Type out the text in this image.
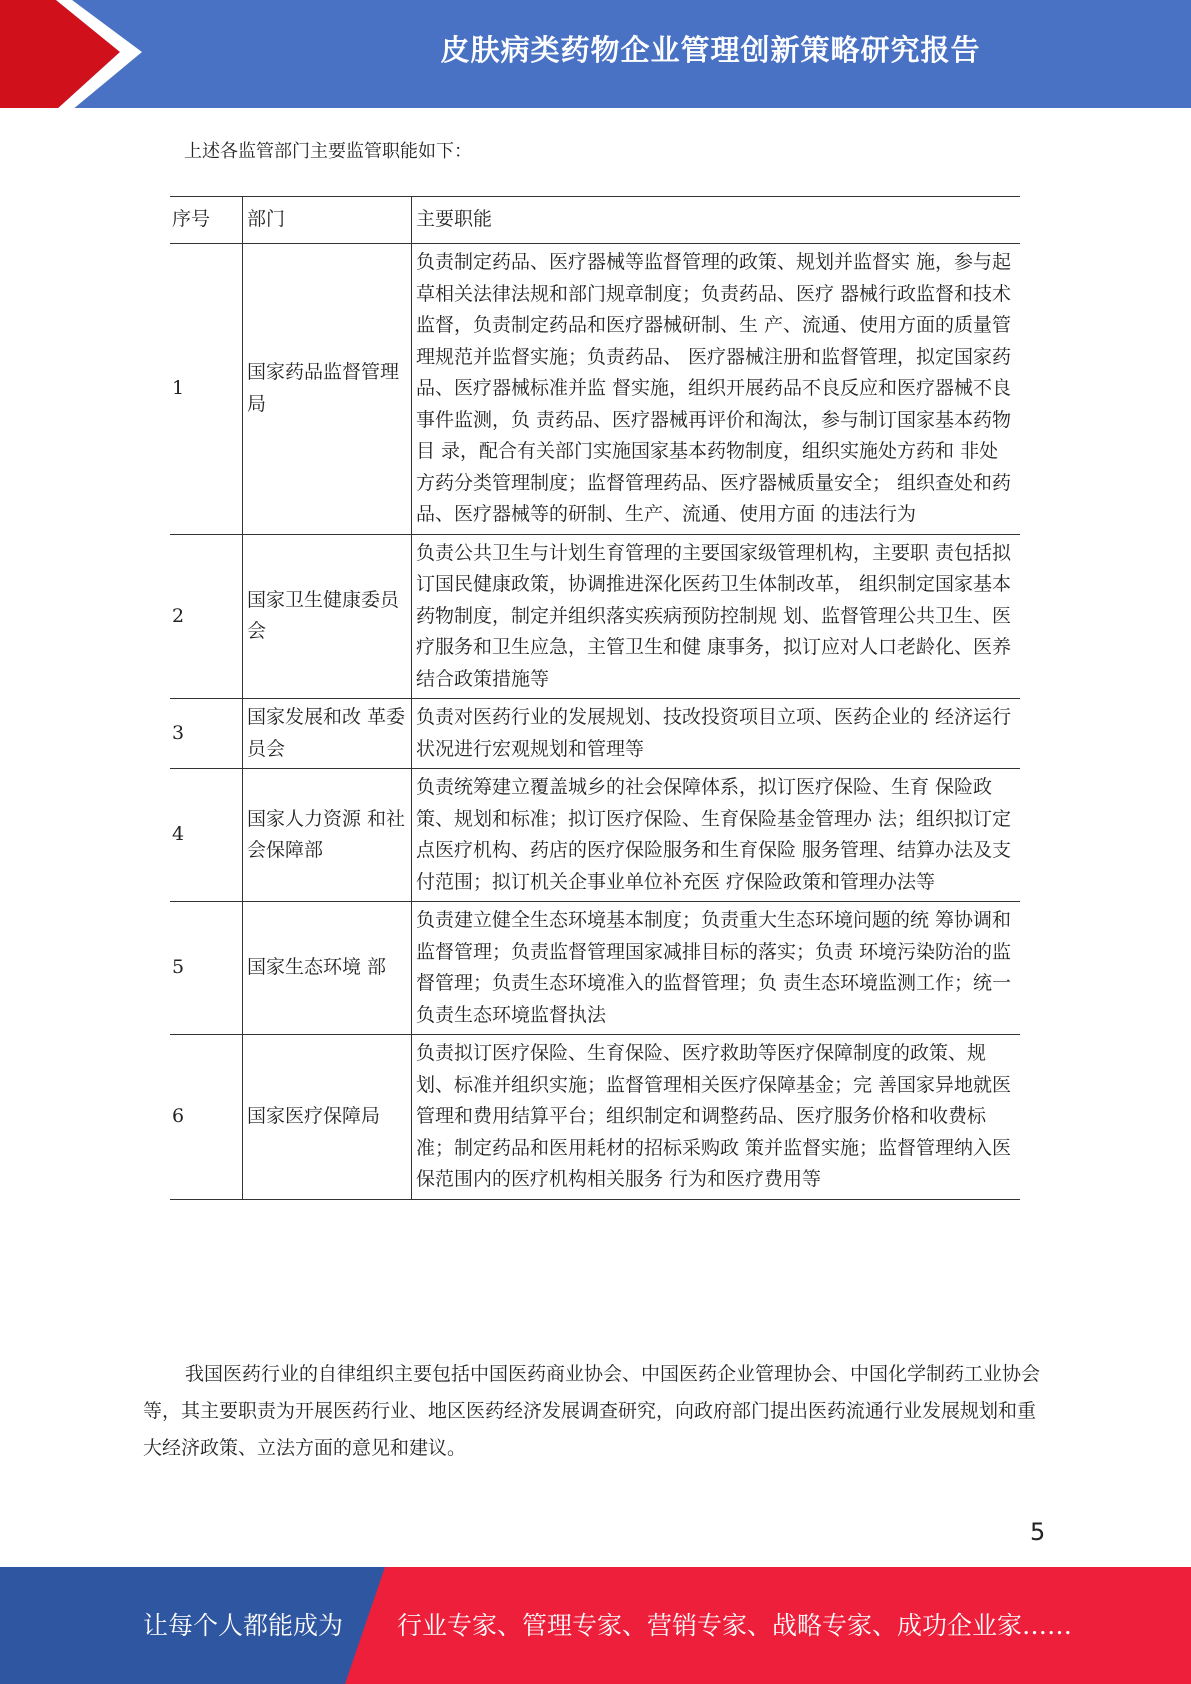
皮肤病类药物企业管理创新策略研究报告
上述各监管部门主要监管职能如下：
序号	部门	主要职能
1	国家药品监督管理局	负责制定药品、医疗器械等监督管理的政策、规划并监督实 施，参与起草相关法律法规和部门规章制度；负责药品、医疗 器械行政监督和技术监督，负责制定药品和医疗器械研制、生 产、流通、使用方面的质量管理规范并监督实施；负责药品、 医疗器械注册和监督管理，拟定国家药品、医疗器械标准并监 督实施，组织开展药品不良反应和医疗器械不良事件监测，负 责药品、医疗器械再评价和淘汰，参与制订国家基本药物目 录，配合有关部门实施国家基本药物制度，组织实施处方药和 非处方药分类管理制度；监督管理药品、医疗器械质量安全； 组织查处和药品、医疗器械等的研制、生产、流通、使用方面 的违法行为
2	国家卫生健康委员会	负责公共卫生与计划生育管理的主要国家级管理机构，主要职 责包括拟订国民健康政策，协调推进深化医药卫生体制改革， 组织制定国家基本药物制度，制定并组织落实疾病预防控制规 划、监督管理公共卫生、医疗服务和卫生应急，主管卫生和健 康事务，拟订应对人口老龄化、医养结合政策措施等
3	国家发展和改 革委员会	负责对医药行业的发展规划、技改投资项目立项、医药企业的 经济运行状况进行宏观规划和管理等
4	国家人力资源 和社会保障部	负责统筹建立覆盖城乡的社会保障体系，拟订医疗保险、生育 保险政策、规划和标准；拟订医疗保险、生育保险基金管理办 法；组织拟订定点医疗机构、药店的医疗保险服务和生育保险 服务管理、结算办法及支付范围；拟订机关企事业单位补充医 疗保险政策和管理办法等
5	国家生态环境 部	负责建立健全生态环境基本制度；负责重大生态环境问题的统 筹协调和监督管理；负责监督管理国家减排目标的落实；负责 环境污染防治的监督管理；负责生态环境准入的监督管理；负 责生态环境监测工作；统一负责生态环境监督执法
6	国家医疗保障局	负责拟订医疗保险、生育保险、医疗救助等医疗保障制度的政策、规划、标准并组织实施；监督管理相关医疗保障基金；完 善国家异地就医管理和费用结算平台；组织制定和调整药品、医疗服务价格和收费标准；制定药品和医用耗材的招标采购政 策并监督实施；监督管理纳入医保范围内的医疗机构相关服务 行为和医疗费用等

我国医药行业的自律组织主要包括中国医药商业协会、中国医药企业管理协会、中国化学制药工业协会等，其主要职责为开展医药行业、地区医药经济发展调查研究，向政府部门提出医药流通行业发展规划和重大经济政策、立法方面的意见和建议。

5
让每个人都能成为 行业专家、管理专家、营销专家、战略专家、成功企业家……
